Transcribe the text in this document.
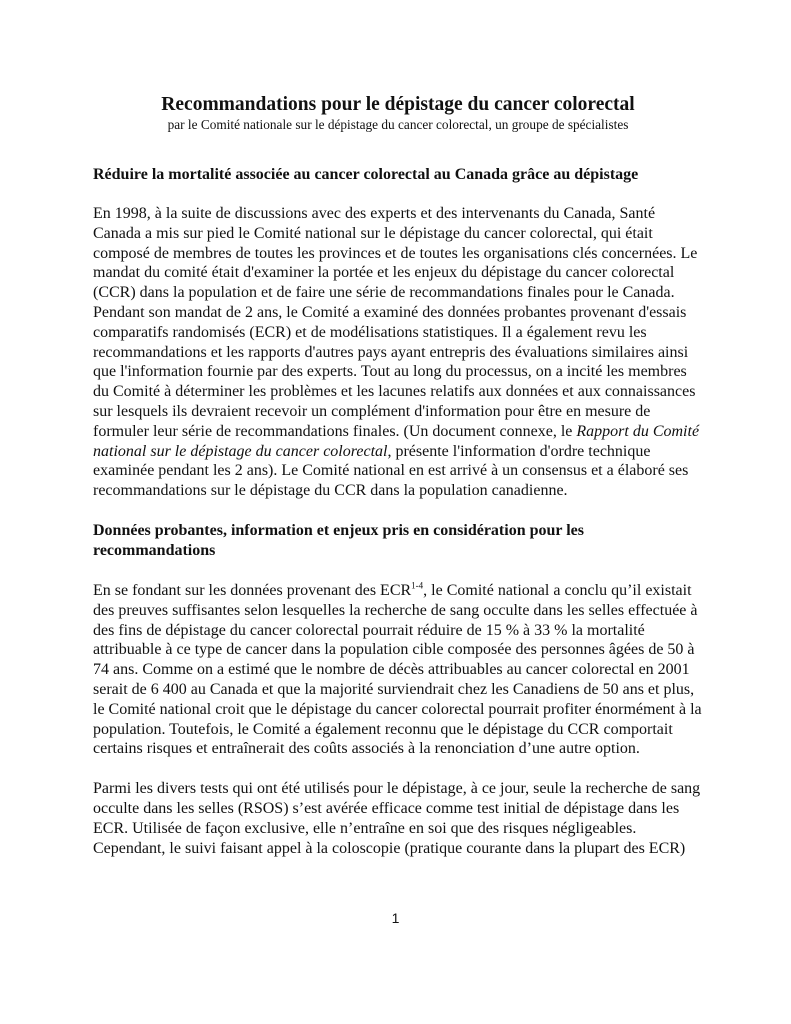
Recommandations pour le dépistage du cancer colorectal

par le Comité nationale sur le dépistage du cancer colorectal, un groupe de spécialistes

Réduire la mortalité associée au cancer colorectal au Canada grâce au dépistage

En 1998, à la suite de discussions avec des experts et des intervenants du Canada, Santé Canada a mis sur pied le Comité national sur le dépistage du cancer colorectal, qui était composé de membres de toutes les provinces et de toutes les organisations clés concernées. Le mandat du comité était d'examiner la portée et les enjeux du dépistage du cancer colorectal (CCR) dans la population et de faire une série de recommandations finales pour le Canada. Pendant son mandat de 2 ans, le Comité a examiné des données probantes provenant d'essais comparatifs randomisés (ECR) et de modélisations statistiques. Il a également revu les recommandations et les rapports d'autres pays ayant entrepris des évaluations similaires ainsi que l'information fournie par des experts. Tout au long du processus, on a incité les membres du Comité à déterminer les problèmes et les lacunes relatifs aux données et aux connaissances sur lesquels ils devraient recevoir un complément d'information pour être en mesure de formuler leur série de recommandations finales. (Un document connexe, le Rapport du Comité national sur le dépistage du cancer colorectal, présente l'information d'ordre technique examinée pendant les 2 ans). Le Comité national en est arrivé à un consensus et a élaboré ses recommandations sur le dépistage du CCR dans la population canadienne.

Données probantes, information et enjeux pris en considération pour les recommandations

En se fondant sur les données provenant des ECR$^{1-4}$, le Comité national a conclu qu’il existait des preuves suffisantes selon lesquelles la recherche de sang occulte dans les selles effectuée à des fins de dépistage du cancer colorectal pourrait réduire de 15 % à 33 % la mortalité attribuable à ce type de cancer dans la population cible composée des personnes âgées de 50 à 74 ans. Comme on a estimé que le nombre de décès attribuables au cancer colorectal en 2001 serait de 6 400 au Canada et que la majorité surviendrait chez les Canadiens de 50 ans et plus, le Comité national croit que le dépistage du cancer colorectal pourrait profiter énormément à la population. Toutefois, le Comité a également reconnu que le dépistage du CCR comportait certains risques et entraînerait des coûts associés à la renonciation d’une autre option.

Parmi les divers tests qui ont été utilisés pour le dépistage, à ce jour, seule la recherche de sang occulte dans les selles (RSOS) s’est avérée efficace comme test initial de dépistage dans les ECR. Utilisée de façon exclusive, elle n’entraîne en soi que des risques négligeables. Cependant, le suivi faisant appel à la coloscopie (pratique courante dans la plupart des ECR)

1
